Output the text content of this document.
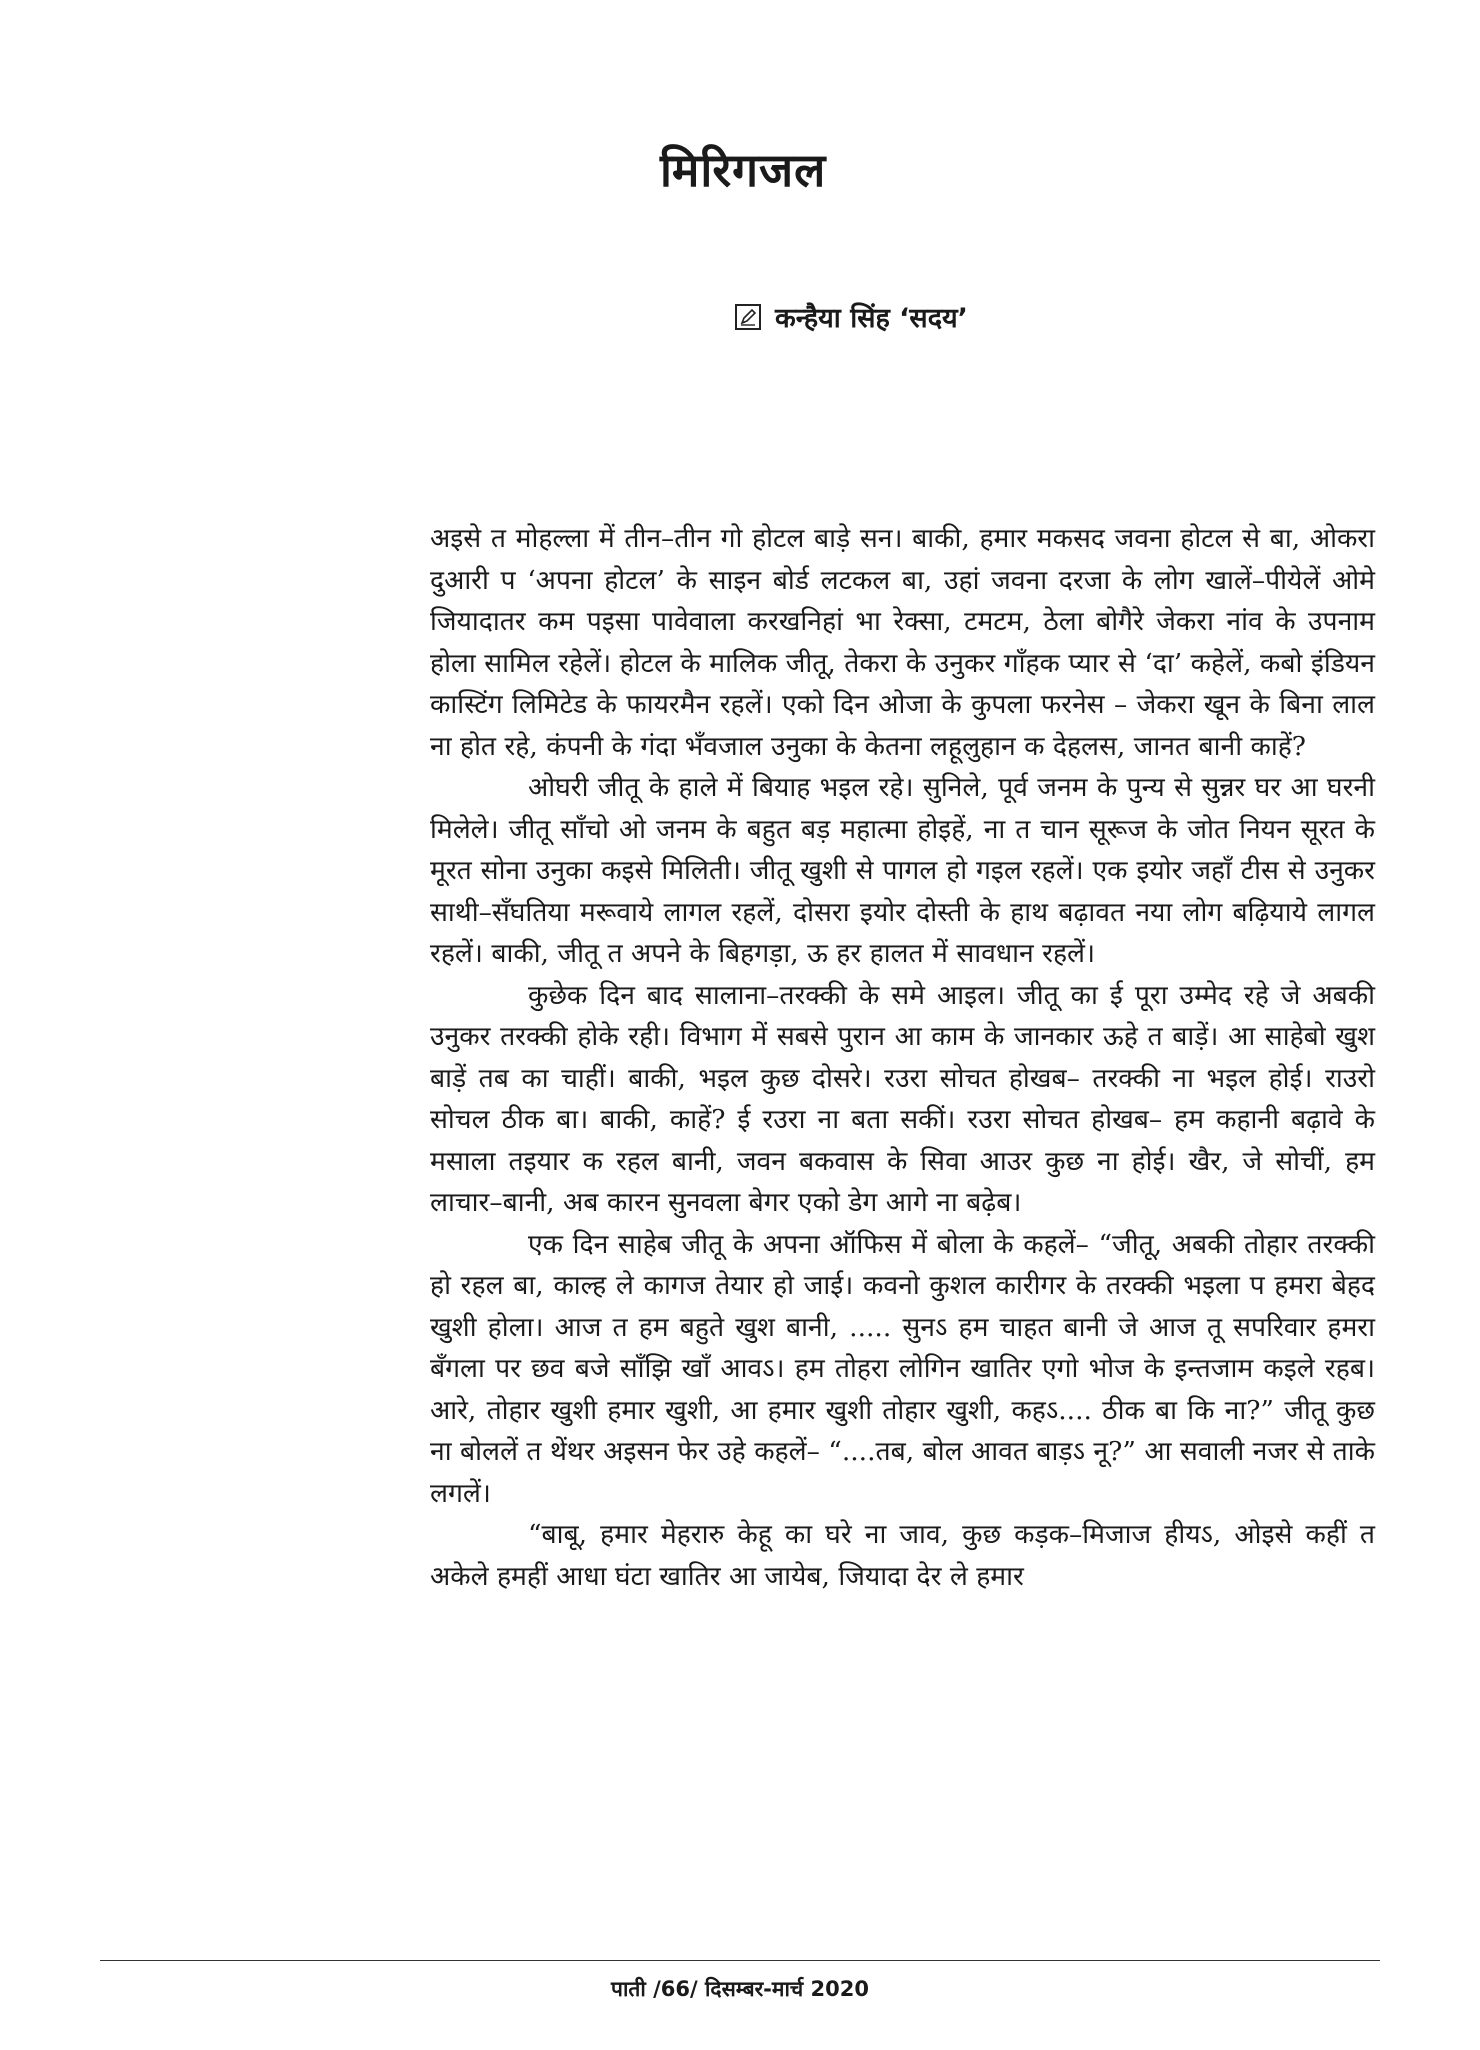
मिरिगजल
कन्हैया सिंह ‘सदय’

अइसे त मोहल्ला में तीन–तीन गो होटल बाड़े सन। बाकी, हमार मकसद जवना होटल से बा, ओकरा दुआरी प ‘अपना होटल’ के साइन बोर्ड लटकल बा, उहां जवना दरजा के लोग खालें–पीयेलें ओमे जियादातर कम पइसा पावेवाला करखनिहां भा रेक्सा, टमटम, ठेला बोगैरे जेकरा नांव के उपनाम होला सामिल रहेलें। होटल के मालिक जीतू, तेकरा के उनुकर गाँहक प्यार से ‘दा’ कहेलें, कबो इंडियन कास्टिंग लिमिटेड के फायरमैन रहलें। एको दिन ओजा के कुपला फरनेस – जेकरा खून के बिना लाल ना होत रहे, कंपनी के गंदा भँवजाल उनुका के केतना लहूलुहान क देहलस, जानत बानी काहें?

ओघरी जीतू के हाले में बियाह भइल रहे। सुनिले, पूर्व जनम के पुन्य से सुन्नर घर आ घरनी मिलेले। जीतू साँचो ओ जनम के बहुत बड़ महात्मा होइहें, ना त चान सूरूज के जोत नियन सूरत के मूरत सोना उनुका कइसे मिलिती। जीतू खुशी से पागल हो गइल रहलें। एक इयोर जहाँ टीस से उनुकर साथी–सँघतिया मरूवाये लागल रहलें, दोसरा इयोर दोस्ती के हाथ बढ़ावत नया लोग बढ़ियाये लागल रहलें। बाकी, जीतू त अपने के बिहगड़ा, ऊ हर हालत में सावधान रहलें।

कुछेक दिन बाद सालाना–तरक्की के समे आइल। जीतू का ई पूरा उम्मेद रहे जे अबकी उनुकर तरक्की होके रही। विभाग में सबसे पुरान आ काम के जानकार ऊहे त बाड़ें। आ साहेबो खुश बाड़ें तब का चाहीं। बाकी, भइल कुछ दोसरे। रउरा सोचत होखब– तरक्की ना भइल होई। राउरो सोचल ठीक बा। बाकी, काहें? ई रउरा ना बता सकीं। रउरा सोचत होखब– हम कहानी बढ़ावे के मसाला तइयार क रहल बानी, जवन बकवास के सिवा आउर कुछ ना होई। खैर, जे सोचीं, हम लाचार–बानी, अब कारन सुनवला बेगर एको डेग आगे ना बढ़ेब।

एक दिन साहेब जीतू के अपना ऑफिस में बोला के कहलें– “जीतू, अबकी तोहार तरक्की हो रहल बा, काल्ह ले कागज तेयार हो जाई। कवनो कुशल कारीगर के तरक्की भइला प हमरा बेहद खुशी होला। आज त हम बहुते खुश बानी, ..... सुनऽ हम चाहत बानी जे आज तू सपरिवार हमरा बँगला पर छव बजे साँझि खाँ आवऽ। हम तोहरा लोगिन खातिर एगो भोज के इन्तजाम कइले रहब। आरे, तोहार खुशी हमार खुशी, आ हमार खुशी तोहार खुशी, कहऽ.... ठीक बा कि ना?” जीतू कुछ ना बोललें त थेंथर अइसन फेर उहे कहलें– “....तब, बोल आवत बाड़ऽ नू?” आ सवाली नजर से ताके लगलें।

“बाबू, हमार मेहरारु केहू का घरे ना जाव, कुछ कड़क–मिजाज हीयऽ, ओइसे कहीं त अकेले हमहीं आधा घंटा खातिर आ जायेब, जियादा देर ले हमार

पाती /66/ दिसम्बर-मार्च 2020
